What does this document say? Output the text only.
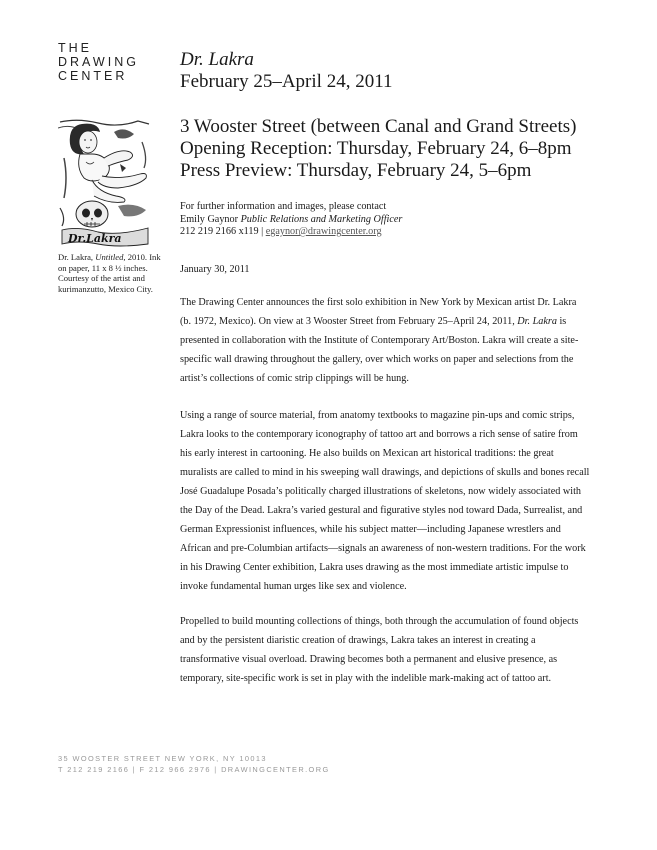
THE
DRAWING
CENTER
Dr. Lakra
February 25–April 24, 2011
3 Wooster Street (between Canal and Grand Streets)
Opening Reception: Thursday, February 24, 6–8pm
Press Preview: Thursday, February 24, 5–6pm
For further information and images, please contact
Emily Gaynor Public Relations and Marketing Officer
212 219 2166 x119 | egaynor@drawingcenter.org
Dr.Lakra
Dr. Lakra, Untitled, 2010. Ink
on paper, 11 x 8 ½ inches.
Courtesy of the artist and
kurimanzutto, Mexico City.
January 30, 2011
The Drawing Center announces the first solo exhibition in New York by Mexican artist Dr. Lakra
(b. 1972, Mexico). On view at 3 Wooster Street from February 25–April 24, 2011, Dr. Lakra is
presented in collaboration with the Institute of Contemporary Art/Boston. Lakra will create a site-
specific wall drawing throughout the gallery, over which works on paper and selections from the
artist’s collections of comic strip clippings will be hung.
Using a range of source material, from anatomy textbooks to magazine pin-ups and comic strips,
Lakra looks to the contemporary iconography of tattoo art and borrows a rich sense of satire from
his early interest in cartooning. He also builds on Mexican art historical traditions: the great
muralists are called to mind in his sweeping wall drawings, and depictions of skulls and bones recall
José Guadalupe Posada’s politically charged illustrations of skeletons, now widely associated with
the Day of the Dead. Lakra’s varied gestural and figurative styles nod toward Dada, Surrealist, and
German Expressionist influences, while his subject matter—including Japanese wrestlers and
African and pre-Columbian artifacts—signals an awareness of non-western traditions. For the work
in his Drawing Center exhibition, Lakra uses drawing as the most immediate artistic impulse to
invoke fundamental human urges like sex and violence.
Propelled to build mounting collections of things, both through the accumulation of found objects
and by the persistent diaristic creation of drawings, Lakra takes an interest in creating a
transformative visual overload. Drawing becomes both a permanent and elusive presence, as
temporary, site-specific work is set in play with the indelible mark-making act of tattoo art.
35 WOOSTER STREET NEW YORK, NY 10013
T 212 219 2166 | F 212 966 2976 | DRAWINGCENTER.ORG
